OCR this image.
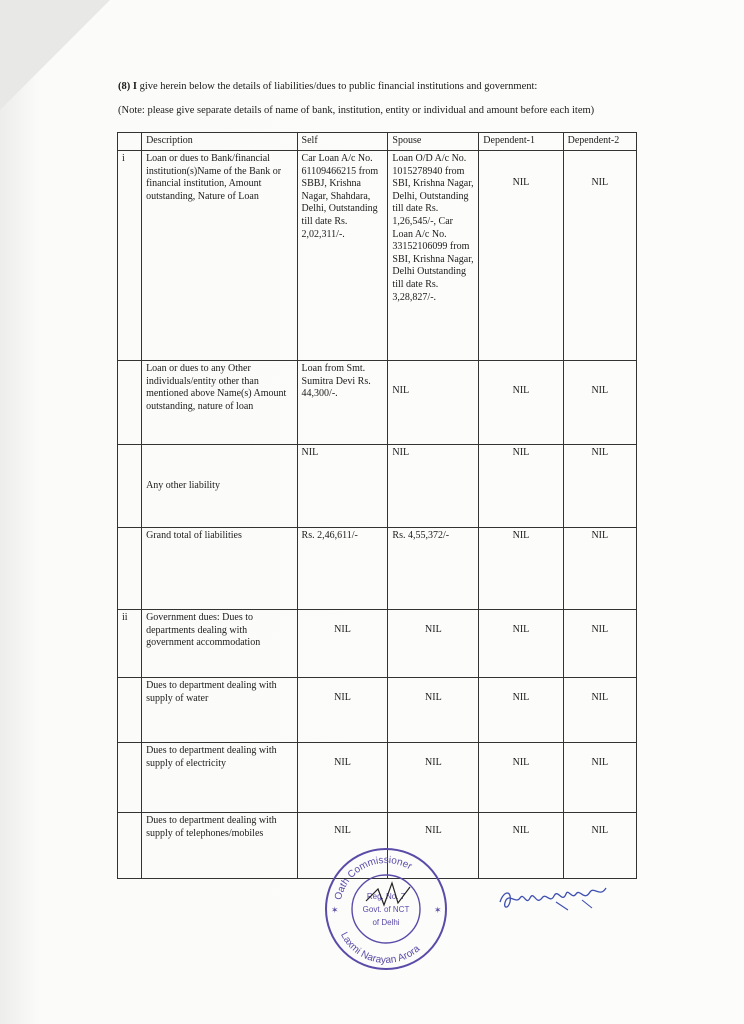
(8) I give herein below the details of liabilities/dues to public financial institutions and government:
(Note: please give separate details of name of bank, institution, entity or individual and amount before each item)
	Description	Self	Spouse	Dependent-1	Dependent-2
i	Loan or dues to Bank/financial institution(s)Name of the Bank or financial institution, Amount outstanding, Nature of Loan	Car Loan A/c No. 61109466215 from SBBJ, Krishna Nagar, Shahdara, Delhi, Outstanding till date Rs. 2,02,311/-.	Loan O/D A/c No. 1015278940 from SBI, Krishna Nagar, Delhi, Outstanding till date Rs. 1,26,545/-, Car Loan A/c No. 33152106099 from SBI, Krishna Nagar, Delhi Outstanding till date Rs. 3,28,827/-.	NIL	NIL
	Loan or dues to any Other individuals/entity other than mentioned above Name(s) Amount outstanding, nature of loan	Loan from Smt. Sumitra Devi Rs. 44,300/-.	NIL	NIL	NIL
	Any other liability	NIL	NIL	NIL	NIL
	Grand total of liabilities	Rs. 2,46,611/-	Rs. 4,55,372/-	NIL	NIL
ii	Government dues: Dues to departments dealing with government accommodation	NIL	NIL	NIL	NIL
	Dues to department dealing with supply of water	NIL	NIL	NIL	NIL
	Dues to department dealing with supply of electricity	NIL	NIL	NIL	NIL
	Dues to department dealing with supply of telephones/mobiles	NIL	NIL	NIL	NIL
Oath Commissioner
Laxmi Narayan Arora
Reg. No. 7
Govt. of NCT
of Delhi
✶	✶
